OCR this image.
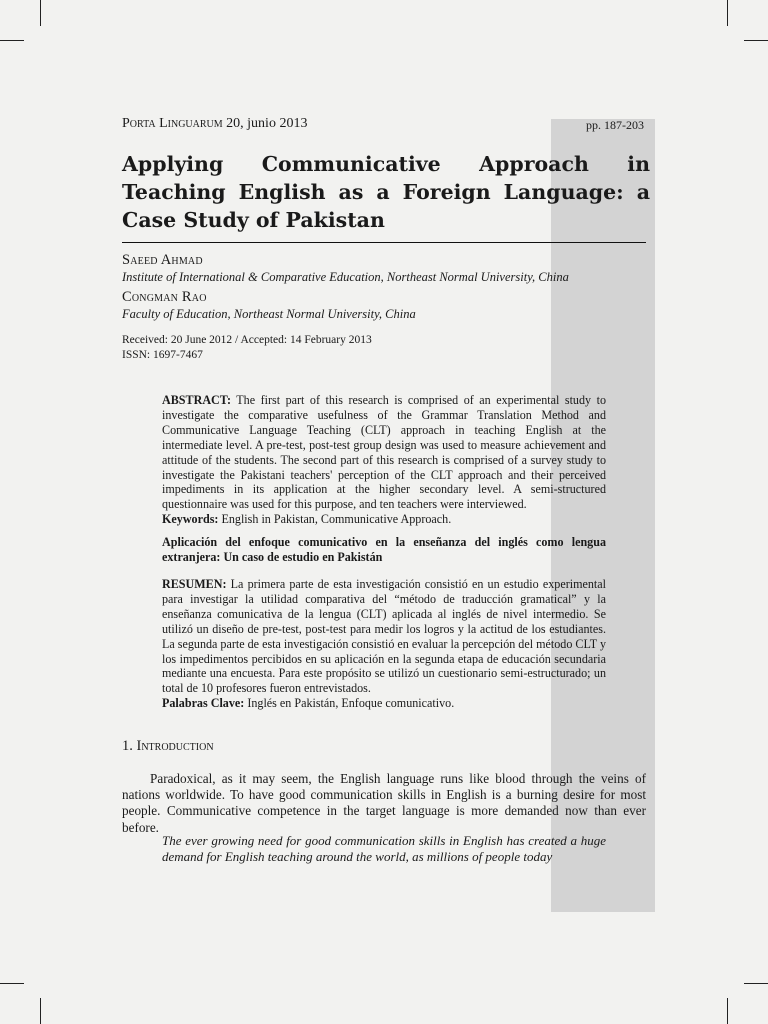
Porta Linguarum 20, junio 2013	pp. 187-203
Applying Communicative Approach in Teaching English as a Foreign Language: a Case Study of Pakistan
Saeed Ahmad
Institute of International & Comparative Education, Northeast Normal University, China
Congman Rao
Faculty of Education, Northeast Normal University, China
Received: 20 June 2012 / Accepted: 14 February 2013
ISSN: 1697-7467

ABSTRACT: The first part of this research is comprised of an experimental study to investigate the comparative usefulness of the Grammar Translation Method and Communicative Language Teaching (CLT) approach in teaching English at the intermediate level. A pre-test, post-test group design was used to measure achievement and attitude of the students. The second part of this research is comprised of a survey study to investigate the Pakistani teachers' perception of the CLT approach and their perceived impediments in its application at the higher secondary level. A semi-structured questionnaire was used for this purpose, and ten teachers were interviewed.
Keywords: English in Pakistan, Communicative Approach.

Aplicación del enfoque comunicativo en la enseñanza del inglés como lengua extranjera: Un caso de estudio en Pakistán

RESUMEN: La primera parte de esta investigación consistió en un estudio experimental para investigar la utilidad comparativa del “método de traducción gramatical” y la enseñanza comunicativa de la lengua (CLT) aplicada al inglés de nivel intermedio. Se utilizó un diseño de pre-test, post-test para medir los logros y la actitud de los estudiantes. La segunda parte de esta investigación consistió en evaluar la percepción del método CLT y los impedimentos percibidos en su aplicación en la segunda etapa de educación secundaria mediante una encuesta. Para este propósito se utilizó un cuestionario semi-estructurado; un total de 10 profesores fueron entrevistados.
Palabras Clave: Inglés en Pakistán, Enfoque comunicativo.

1. Introduction

Paradoxical, as it may seem, the English language runs like blood through the veins of nations worldwide. To have good communication skills in English is a burning desire for most people. Communicative competence in the target language is more demanded now than ever before.

The ever growing need for good communication skills in English has created a huge demand for English teaching around the world, as millions of people today
